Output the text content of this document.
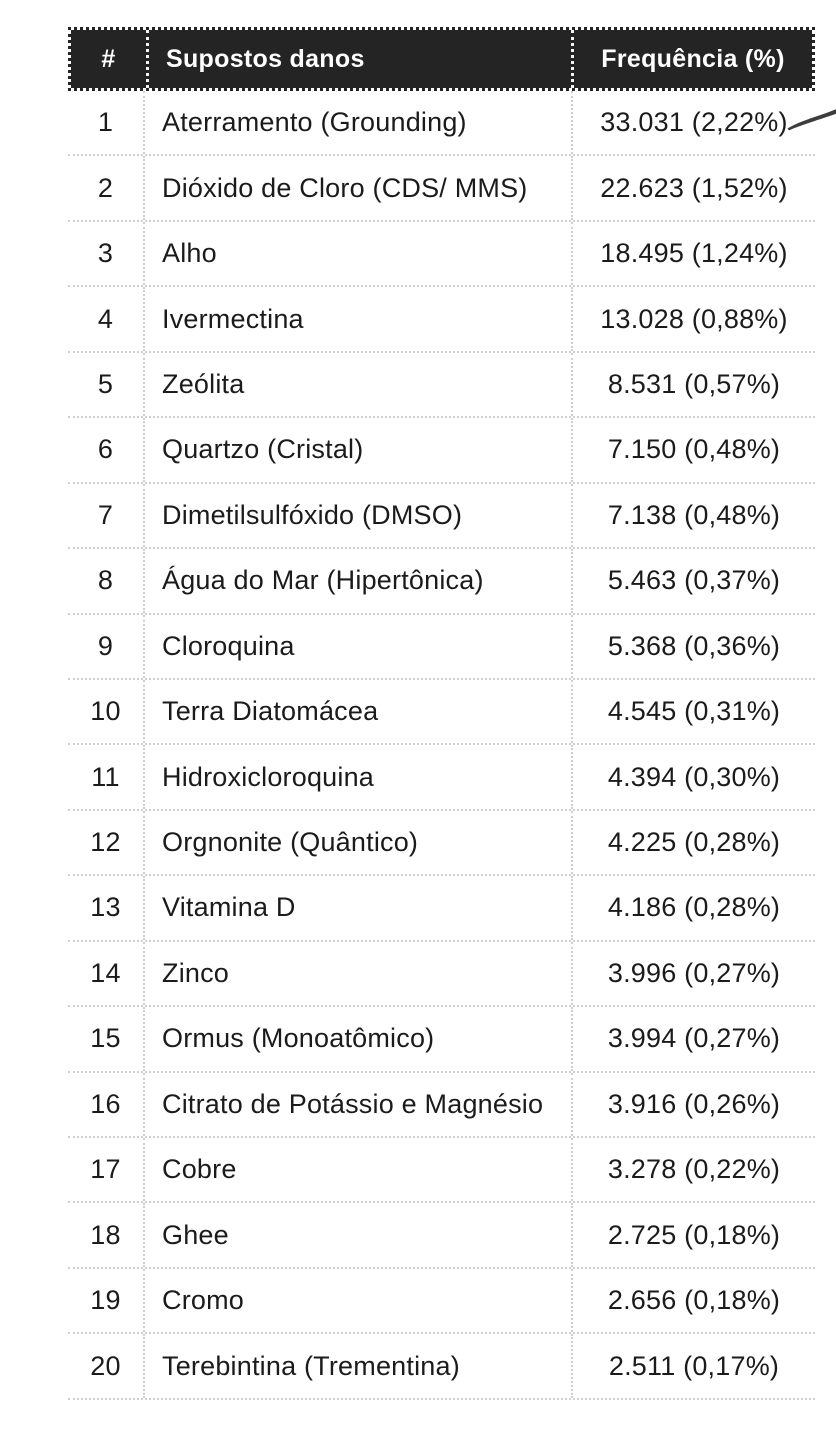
#	Supostos danos	Frequência (%)
1	Aterramento (Grounding)	33.031 (2,22%)
2	Dióxido de Cloro (CDS/ MMS)	22.623 (1,52%)
3	Alho	18.495 (1,24%)
4	Ivermectina	13.028 (0,88%)
5	Zeólita	8.531 (0,57%)
6	Quartzo (Cristal)	7.150 (0,48%)
7	Dimetilsulfóxido (DMSO)	7.138 (0,48%)
8	Água do Mar (Hipertônica)	5.463 (0,37%)
9	Cloroquina	5.368 (0,36%)
10	Terra Diatomácea	4.545 (0,31%)
11	Hidroxicloroquina	4.394 (0,30%)
12	Orgnonite (Quântico)	4.225 (0,28%)
13	Vitamina D	4.186 (0,28%)
14	Zinco	3.996 (0,27%)
15	Ormus (Monoatômico)	3.994 (0,27%)
16	Citrato de Potássio e Magnésio	3.916 (0,26%)
17	Cobre	3.278 (0,22%)
18	Ghee	2.725 (0,18%)
19	Cromo	2.656 (0,18%)
20	Terebintina (Trementina)	2.511 (0,17%)
